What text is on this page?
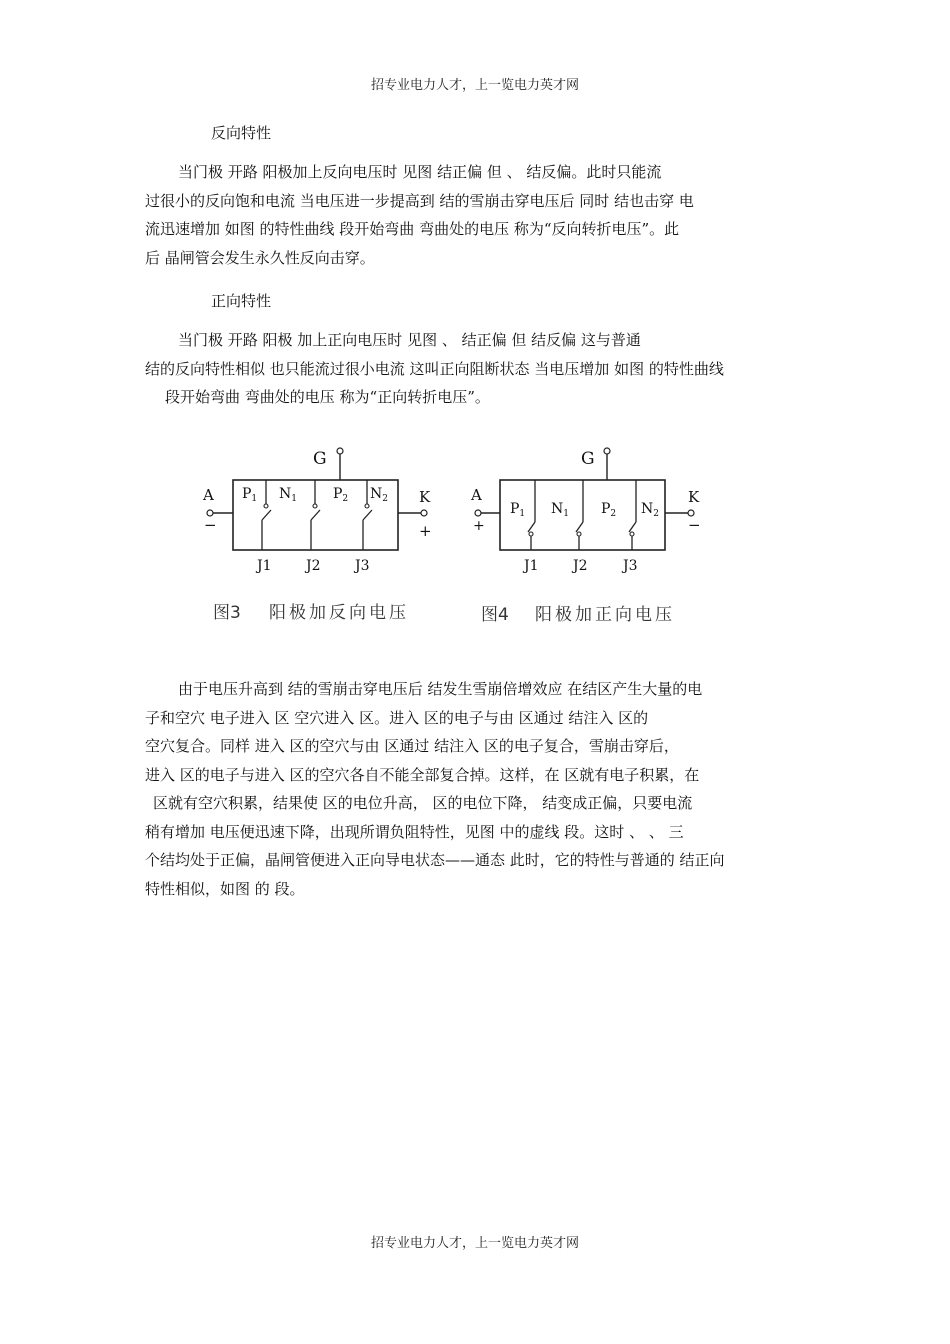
招专业电力人才，上一览电力英才网
反向特性
当门极 开路 阳极加上反向电压时 见图 结正偏 但 、 结反偏。此时只能流
过很小的反向饱和电流 当电压进一步提高到 结的雪崩击穿电压后 同时 结也击穿 电
流迅速增加 如图 的特性曲线 段开始弯曲 弯曲处的电压 称为“反向转折电压”。此
后 晶闸管会发生永久性反向击穿。
正向特性
当门极 开路 阳极 加上正向电压时 见图 、 结正偏 但 结反偏 这与普通
结的反向特性相似 也只能流过很小电流 这叫正向阻断状态 当电压增加 如图 的特性曲线
段开始弯曲 弯曲处的电压 称为“正向转折电压”。
G
A
−
K
+
$P_1$ $N_1$	$P_2$ $N_2$
J1 J2 J3
图3 阳极加反向电压
G
A
+
K
−
$P_1$ $N_1$ $P_2$ $N_2$
J1 J2	J3
图4 阳极加正向电压
由于电压升高到 结的雪崩击穿电压后 结发生雪崩倍增效应 在结区产生大量的电
子和空穴 电子进入 区 空穴进入 区。进入 区的电子与由 区通过 结注入 区的
空穴复合。同样 进入 区的空穴与由 区通过 结注入 区的电子复合，雪崩击穿后，
进入 区的电子与进入 区的空穴各自不能全部复合掉。这样，在 区就有电子积累，在
区就有空穴积累，结果使 区的电位升高， 区的电位下降， 结变成正偏，只要电流
稍有增加 电压便迅速下降，出现所谓负阻特性，见图 中的虚线 段。这时 、 、 三
个结均处于正偏，晶闸管便进入正向导电状态——通态 此时，它的特性与普通的 结正向
特性相似，如图 的 段。
招专业电力人才，上一览电力英才网
